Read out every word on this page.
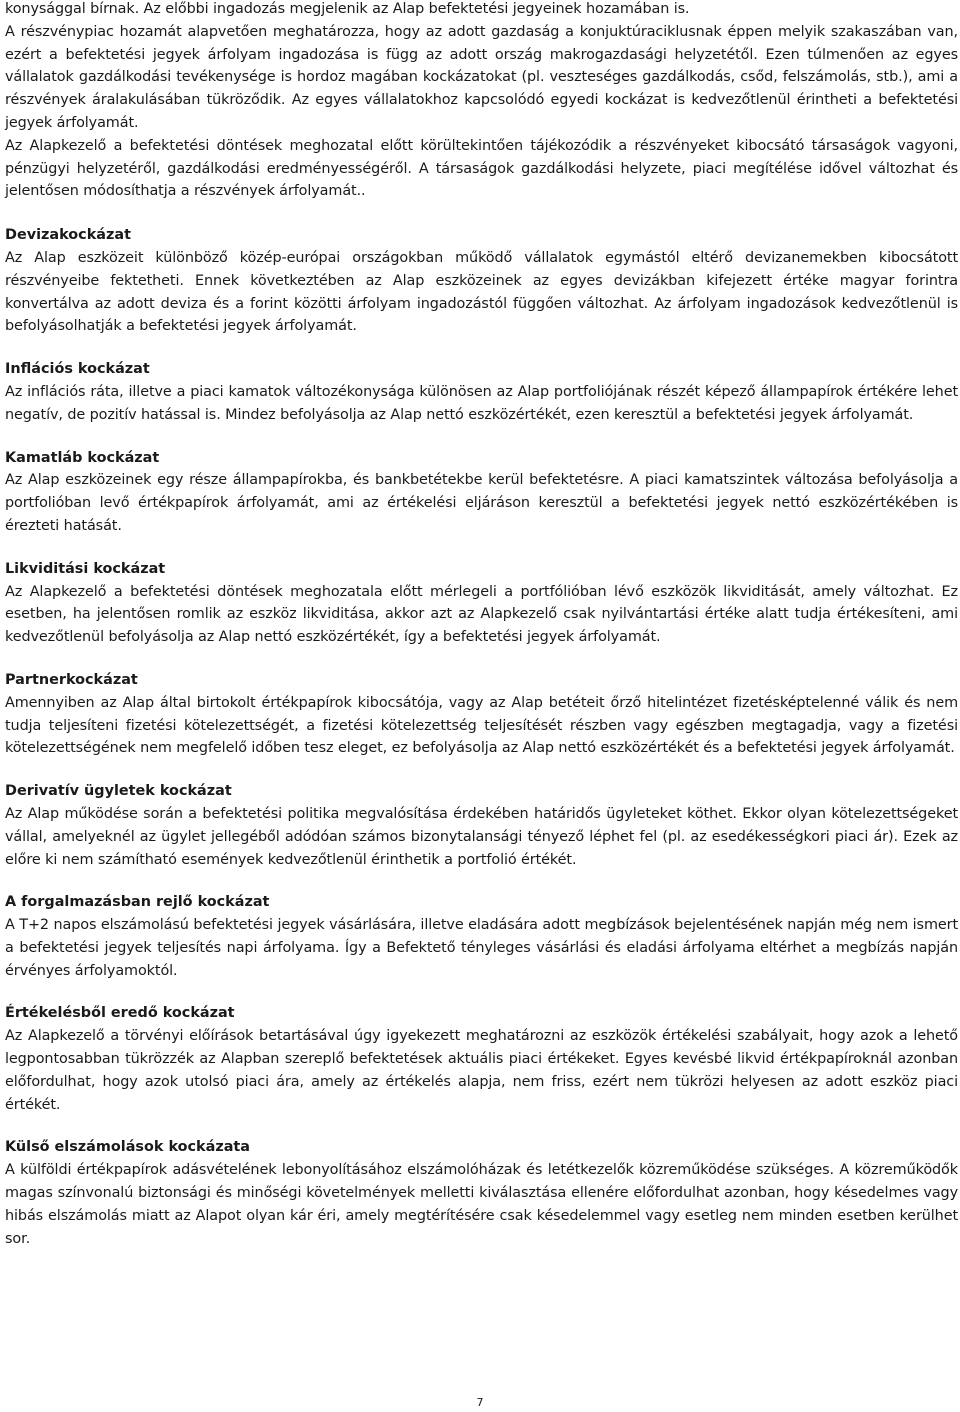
konysággal bírnak. Az előbbi ingadozás megjelenik az Alap befektetési jegyeinek hozamában is.

A részvénypiac hozamát alapvetően meghatározza, hogy az adott gazdaság a konjuktúraciklusnak éppen melyik szakaszában van, ezért a befektetési jegyek árfolyam ingadozása is függ az adott ország makrogazdasági helyzetétől. Ezen túlmenően az egyes vállalatok gazdálkodási tevékenysége is hordoz magában kockázatokat (pl. veszteséges gazdálkodás, csőd, felszámolás, stb.), ami a részvények áralakulásában tükröződik. Az egyes vállalatokhoz kapcsolódó egyedi kockázat is kedvezőtlenül érintheti a befektetési jegyek árfolyamát.

Az Alapkezelő a befektetési döntések meghozatal előtt körültekintően tájékozódik a részvényeket kibocsátó társaságok vagyoni, pénzügyi helyzetéről, gazdálkodási eredményességéről. A társaságok gazdálkodási helyzete, piaci megítélése idővel változhat és jelentősen módosíthatja a részvények árfolyamát..

Devizakockázat

Az Alap eszközeit különböző közép-európai országokban működő vállalatok egymástól eltérő devizanemekben kibocsátott részvényeibe fektetheti. Ennek következtében az Alap eszközeinek az egyes devizákban kifejezett értéke magyar forintra konvertálva az adott deviza és a forint közötti árfolyam ingadozástól függően változhat. Az árfolyam ingadozások kedvezőtlenül is befolyásolhatják a befektetési jegyek árfolyamát.

Inflációs kockázat

Az inflációs ráta, illetve a piaci kamatok változékonysága különösen az Alap portfoliójának részét képező állampapírok értékére lehet negatív, de pozitív hatással is. Mindez befolyásolja az Alap nettó eszközértékét, ezen keresztül a befektetési jegyek árfolyamát.

Kamatláb kockázat

Az Alap eszközeinek egy része állampapírokba, és bankbetétekbe kerül befektetésre. A piaci kamatszintek változása befolyásolja a portfolióban levő értékpapírok árfolyamát, ami az értékelési eljáráson keresztül a befektetési jegyek nettó eszközértékében is érezteti hatását.

Likviditási kockázat

Az Alapkezelő a befektetési döntések meghozatala előtt mérlegeli a portfólióban lévő eszközök likviditását, amely változhat. Ez esetben, ha jelentősen romlik az eszköz likviditása, akkor azt az Alapkezelő csak nyilvántartási értéke alatt tudja értékesíteni, ami kedvezőtlenül befolyásolja az Alap nettó eszközértékét, így a befektetési jegyek árfolyamát.

Partnerkockázat

Amennyiben az Alap által birtokolt értékpapírok kibocsátója, vagy az Alap betéteit őrző hitelintézet fizetésképtelenné válik és nem tudja teljesíteni fizetési kötelezettségét, a fizetési kötelezettség teljesítését részben vagy egészben megtagadja, vagy a fizetési kötelezettségének nem megfelelő időben tesz eleget, ez befolyásolja az Alap nettó eszközértékét és a befektetési jegyek árfolyamát.

Derivatív ügyletek kockázat

Az Alap működése során a befektetési politika megvalósítása érdekében határidős ügyleteket köthet. Ekkor olyan kötelezettségeket vállal, amelyeknél az ügylet jellegéből adódóan számos bizonytalansági tényező léphet fel (pl. az esedékességkori piaci ár). Ezek az előre ki nem számítható események kedvezőtlenül érinthetik a portfolió értékét.

A forgalmazásban rejlő kockázat

A T+2 napos elszámolású befektetési jegyek vásárlására, illetve eladására adott megbízások bejelentésének napján még nem ismert a befektetési jegyek teljesítés napi árfolyama. Így a Befektető tényleges vásárlási és eladási árfolyama eltérhet a megbízás napján érvényes árfolyamoktól.

Értékelésből eredő kockázat

Az Alapkezelő a törvényi előírások betartásával úgy igyekezett meghatározni az eszközök értékelési szabályait, hogy azok a lehető legpontosabban tükrözzék az Alapban szereplő befektetések aktuális piaci értékeket. Egyes kevésbé likvid értékpapíroknál azonban előfordulhat, hogy azok utolsó piaci ára, amely az értékelés alapja, nem friss, ezért nem tükrözi helyesen az adott eszköz piaci értékét.

Külső elszámolások kockázata

A külföldi értékpapírok adásvételének lebonyolításához elszámolóházak és letétkezelők közreműködése szükséges. A közreműködők magas színvonalú biztonsági és minőségi követelmények melletti kiválasztása ellenére előfordulhat azonban, hogy késedelmes vagy hibás elszámolás miatt az Alapot olyan kár éri, amely megtérítésére csak késedelemmel vagy esetleg nem minden esetben kerülhet sor.

7
